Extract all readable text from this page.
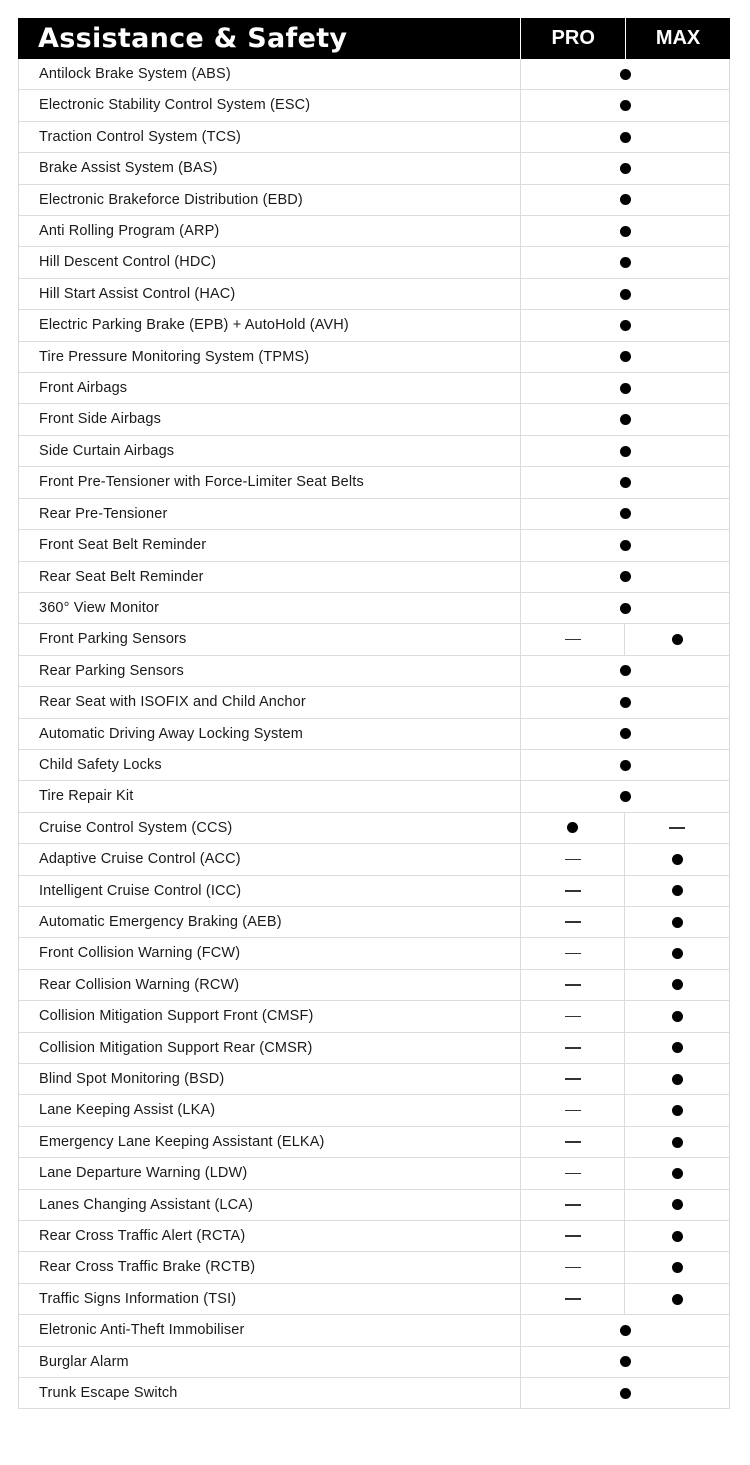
Assistance & Safety	PRO	MAX
Antilock Brake System (ABS)
Electronic Stability Control System (ESC)
Traction Control System (TCS)
Brake Assist System (BAS)
Electronic Brakeforce Distribution (EBD)
Anti Rolling Program (ARP)
Hill Descent Control (HDC)
Hill Start Assist Control (HAC)
Electric Parking Brake (EPB) + AutoHold (AVH)
Tire Pressure Monitoring System (TPMS)
Front Airbags
Front Side Airbags
Side Curtain Airbags
Front Pre-Tensioner with Force-Limiter Seat Belts
Rear Pre-Tensioner
Front Seat Belt Reminder
Rear Seat Belt Reminder
360° View Monitor
Front Parking Sensors
Rear Parking Sensors
Rear Seat with ISOFIX and Child Anchor
Automatic Driving Away Locking System
Child Safety Locks
Tire Repair Kit
Cruise Control System (CCS)
Adaptive Cruise Control (ACC)
Intelligent Cruise Control (ICC)
Automatic Emergency Braking (AEB)
Front Collision Warning (FCW)
Rear Collision Warning (RCW)
Collision Mitigation Support Front (CMSF)
Collision Mitigation Support Rear (CMSR)
Blind Spot Monitoring (BSD)
Lane Keeping Assist (LKA)
Emergency Lane Keeping Assistant (ELKA)
Lane Departure Warning (LDW)
Lanes Changing Assistant (LCA)
Rear Cross Traffic Alert (RCTA)
Rear Cross Traffic Brake (RCTB)
Traffic Signs Information (TSI)
Eletronic Anti-Theft Immobiliser
Burglar Alarm
Trunk Escape Switch
